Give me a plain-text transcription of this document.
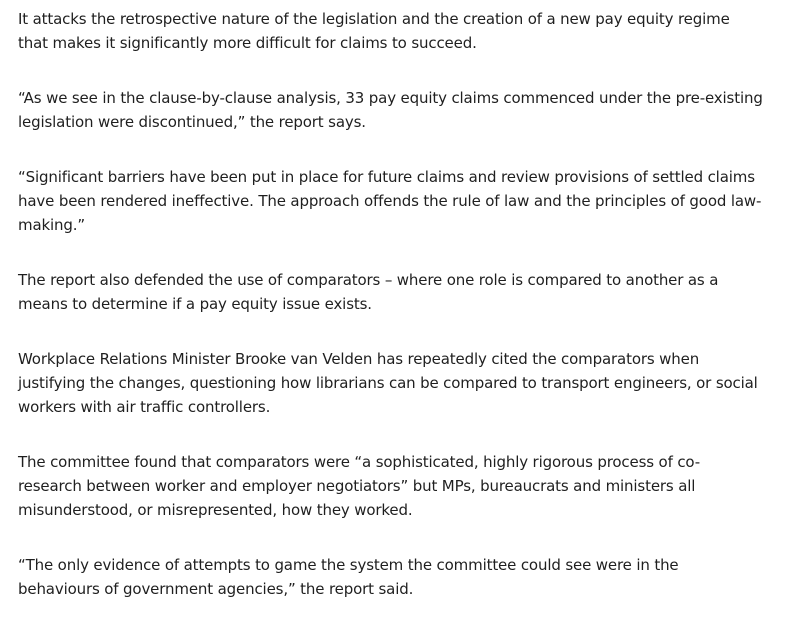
It attacks the retrospective nature of the legislation and the creation of a new pay equity regime that makes it significantly more difficult for claims to succeed.

“As we see in the clause-by-clause analysis, 33 pay equity claims commenced under the pre-existing legislation were discontinued,” the report says.

“Significant barriers have been put in place for future claims and review provisions of settled claims have been rendered ineffective. The approach offends the rule of law and the principles of good law-making.”

The report also defended the use of comparators – where one role is compared to another as a means to determine if a pay equity issue exists.

Workplace Relations Minister Brooke van Velden has repeatedly cited the comparators when justifying the changes, questioning how librarians can be compared to transport engineers, or social workers with air traffic controllers.

The committee found that comparators were “a sophisticated, highly rigorous process of co-research between worker and employer negotiators” but MPs, bureaucrats and ministers all misunderstood, or misrepresented, how they worked.

“The only evidence of attempts to game the system the committee could see were in the behaviours of government agencies,” the report said.
